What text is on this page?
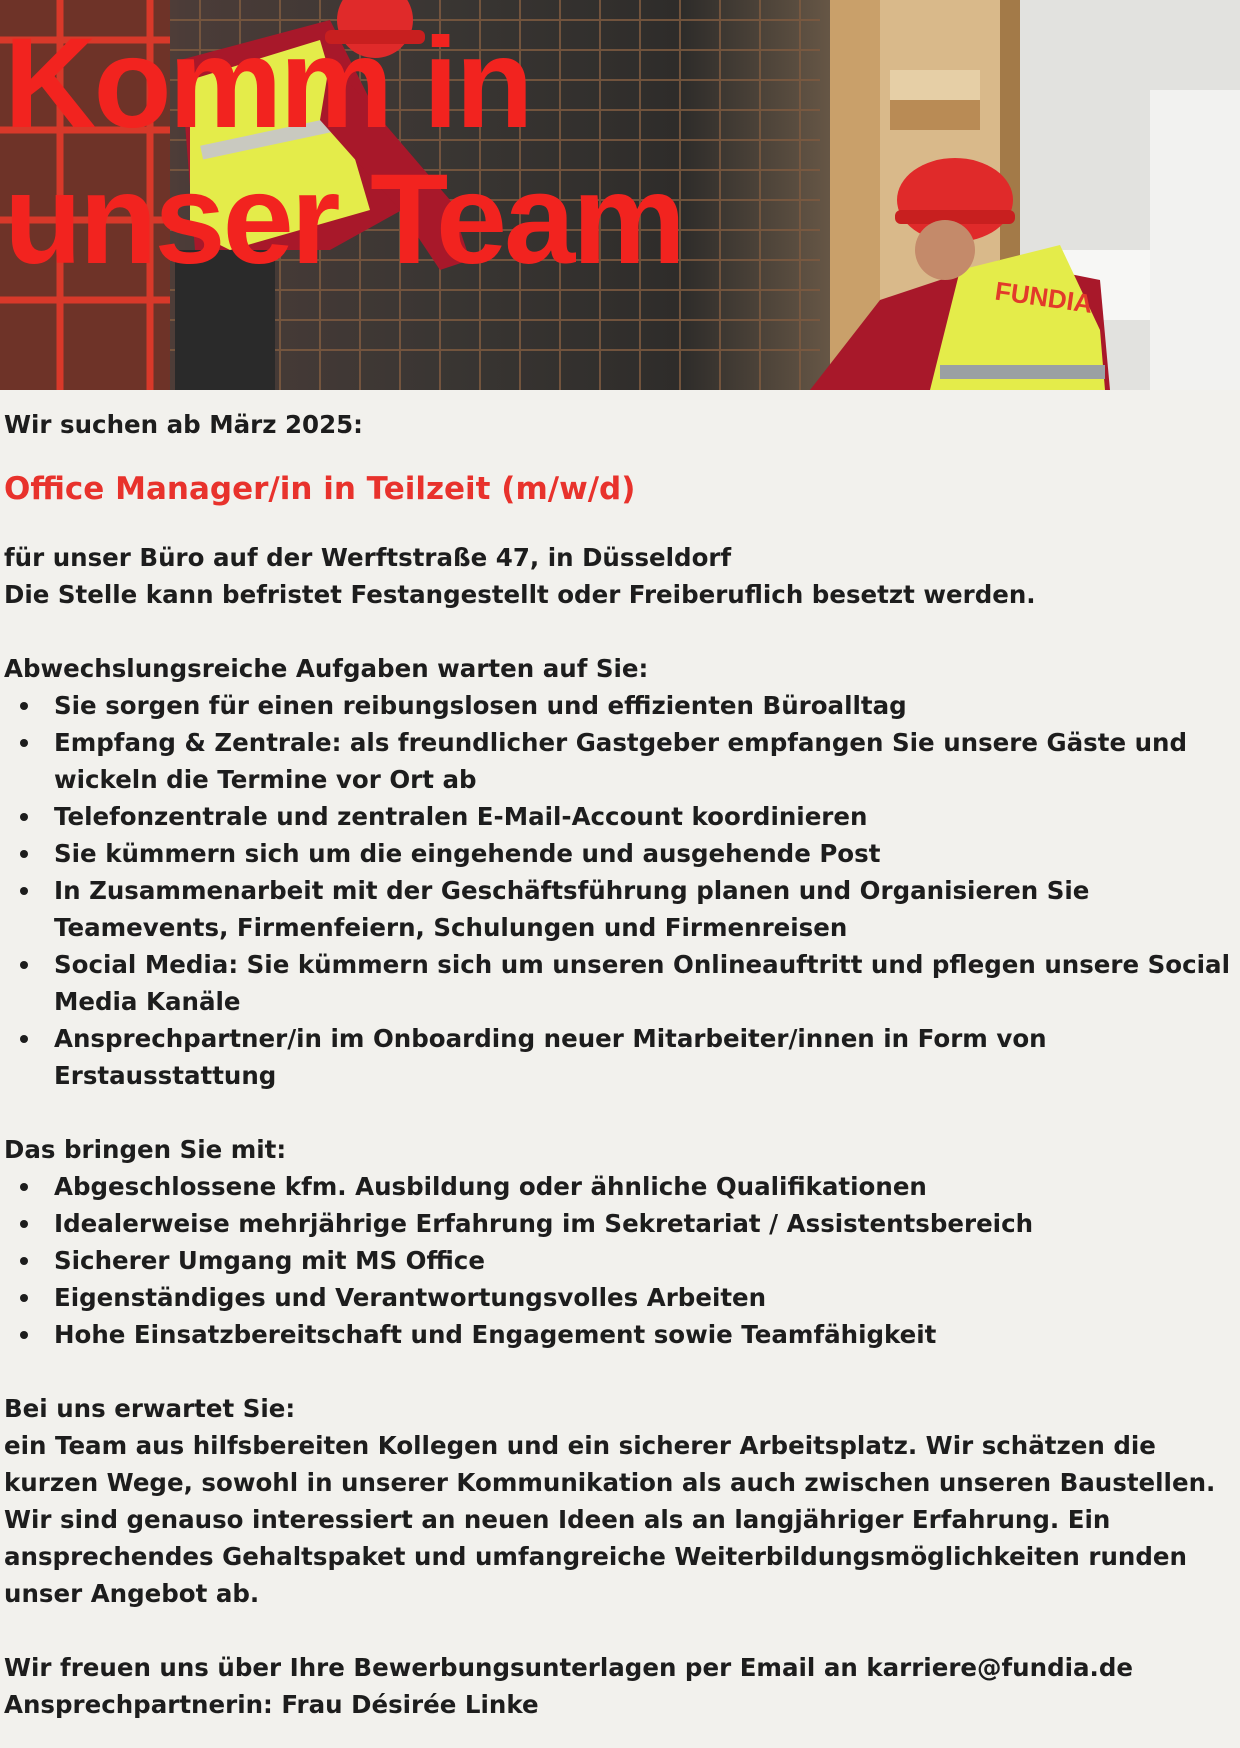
FUNDIA
Komm in
unser Team

Wir suchen ab März 2025:

Office Manager/in in Teilzeit (m/w/d)

für unser Büro auf der Werftstraße 47, in Düsseldorf

Die Stelle kann befristet Festangestellt oder Freiberuflich besetzt werden.

Abwechslungsreiche Aufgaben warten auf Sie:

Sie sorgen für einen reibungslosen und effizienten Büroalltag
Empfang & Zentrale: als freundlicher Gastgeber empfangen Sie unsere Gäste und wickeln die Termine vor Ort ab
Telefonzentrale und zentralen E-Mail-Account koordinieren
Sie kümmern sich um die eingehende und ausgehende Post
In Zusammenarbeit mit der Geschäftsführung planen und Organisieren Sie Teamevents, Firmenfeiern, Schulungen und Firmenreisen
Social Media: Sie kümmern sich um unseren Onlineauftritt und pflegen unsere Social Media Kanäle
Ansprechpartner/in im Onboarding neuer Mitarbeiter/innen in Form von Erstausstattung

Das bringen Sie mit:

Abgeschlossene kfm. Ausbildung oder ähnliche Qualifikationen
Idealerweise mehrjährige Erfahrung im Sekretariat / Assistentsbereich
Sicherer Umgang mit MS Office
Eigenständiges und Verantwortungsvolles Arbeiten
Hohe Einsatzbereitschaft und Engagement sowie Teamfähigkeit

Bei uns erwartet Sie:

ein Team aus hilfsbereiten Kollegen und ein sicherer Arbeitsplatz. Wir schätzen die kurzen Wege, sowohl in unserer Kommunikation als auch zwischen unseren Baustellen. Wir sind genauso interessiert an neuen Ideen als an langjähriger Erfahrung. Ein ansprechendes Gehaltspaket und umfangreiche Weiterbildungsmöglichkeiten runden unser Angebot ab.

Wir freuen uns über Ihre Bewerbungsunterlagen per Email an karriere@fundia.de

Ansprechpartnerin: Frau Désirée Linke
